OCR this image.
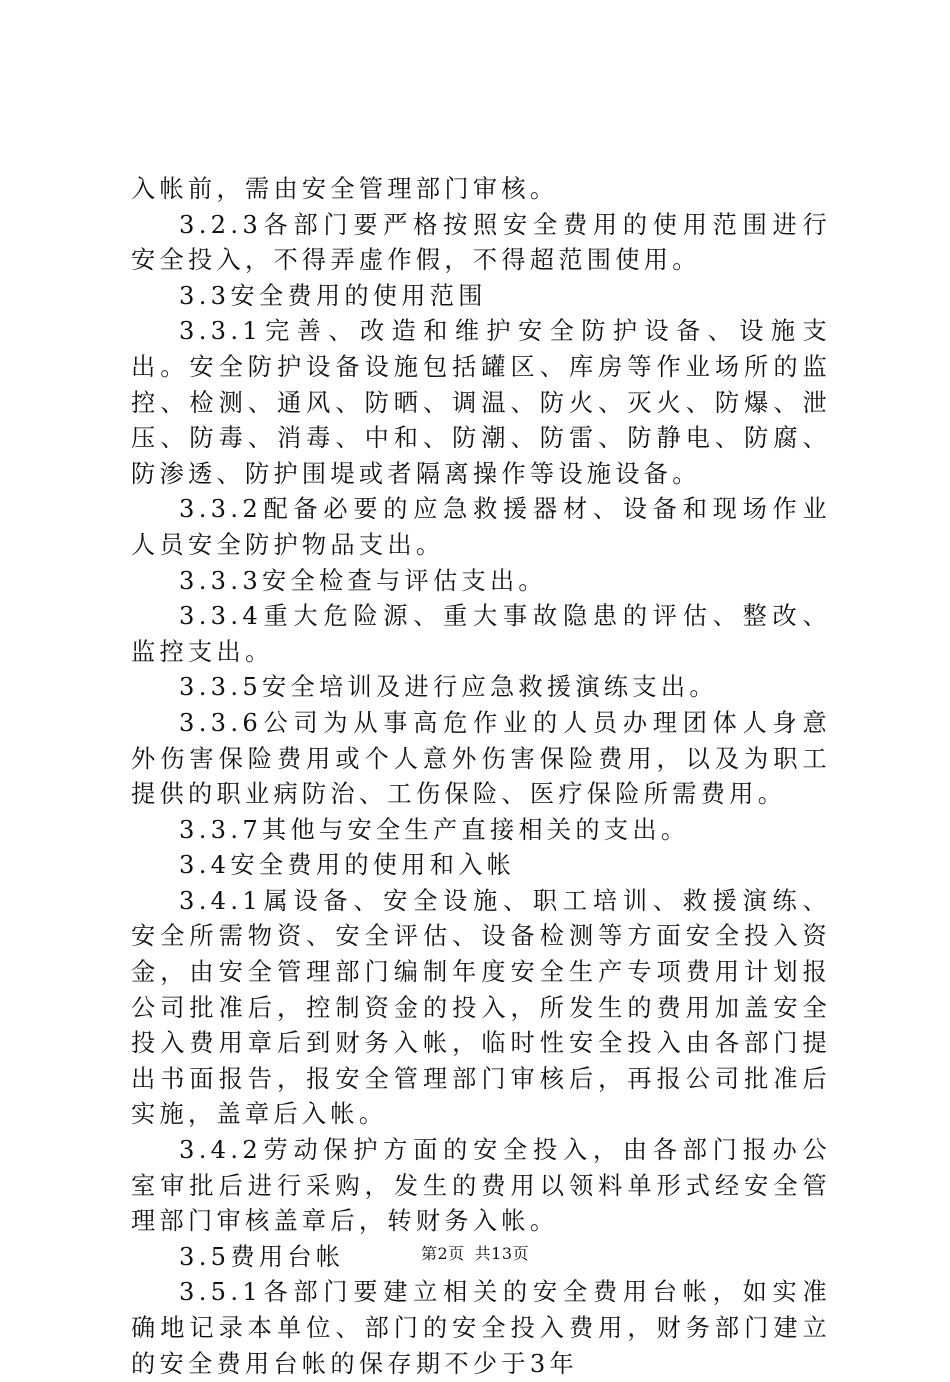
入帐前，需由安全管理部门审核。

3.2.3各部门要严格按照安全费用的使用范围进行安全投入，不得弄虚作假，不得超范围使用。

3.3安全费用的使用范围

3.3.1完善、改造和维护安全防护设备、设施支出。安全防护设备设施包括罐区、库房等作业场所的监控、检测、通风、防晒、调温、防火、灭火、防爆、泄压、防毒、消毒、中和、防潮、防雷、防静电、防腐、防渗透、防护围堤或者隔离操作等设施设备。

3.3.2配备必要的应急救援器材、设备和现场作业人员安全防护物品支出。

3.3.3安全检查与评估支出。

3.3.4重大危险源、重大事故隐患的评估、整改、监控支出。

3.3.5安全培训及进行应急救援演练支出。

3.3.6公司为从事高危作业的人员办理团体人身意外伤害保险费用或个人意外伤害保险费用，以及为职工提供的职业病防治、工伤保险、医疗保险所需费用。

3.3.7其他与安全生产直接相关的支出。

3.4安全费用的使用和入帐

3.4.1属设备、安全设施、职工培训、救援演练、安全所需物资、安全评估、设备检测等方面安全投入资金，由安全管理部门编制年度安全生产专项费用计划报公司批准后，控制资金的投入，所发生的费用加盖安全投入费用章后到财务入帐，临时性安全投入由各部门提出书面报告，报安全管理部门审核后，再报公司批准后实施，盖章后入帐。

3.4.2劳动保护方面的安全投入，由各部门报办公室审批后进行采购，发生的费用以领料单形式经安全管理部门审核盖章后，转财务入帐。

3.5费用台帐

3.5.1各部门要建立相关的安全费用台帐，如实准确地记录本单位、部门的安全投入费用，财务部门建立的安全费用台帐的保存期不少于3年

第2页 共13页
